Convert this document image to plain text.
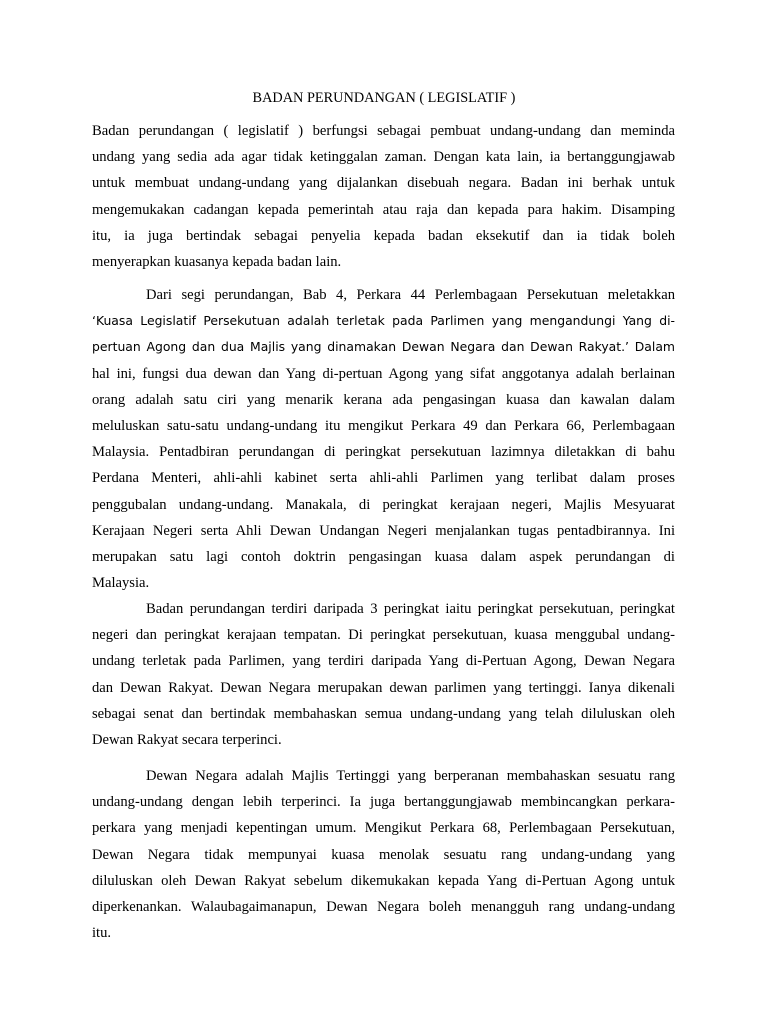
BADAN PERUNDANGAN ( LEGISLATIF )
Badan perundangan ( legislatif ) berfungsi sebagai pembuat undang-undang dan meminda
undang yang sedia ada agar tidak ketinggalan zaman. Dengan kata lain, ia bertanggungjawab
untuk membuat undang-undang yang dijalankan disebuah negara. Badan ini berhak untuk
mengemukakan cadangan kepada pemerintah atau raja dan kepada para hakim. Disamping
itu, ia juga bertindak sebagai penyelia kepada badan eksekutif dan ia tidak boleh
menyerapkan kuasanya kepada badan lain.
Dari segi perundangan, Bab 4, Perkara 44 Perlembagaan Persekutuan meletakkan
‘Kuasa Legislatif Persekutuan adalah terletak pada Parlimen yang mengandungi Yang di-
pertuan Agong dan dua Majlis yang dinamakan Dewan Negara dan Dewan Rakyat.’ Dalam
hal ini, fungsi dua dewan dan Yang di-pertuan Agong yang sifat anggotanya adalah berlainan
orang adalah satu ciri yang menarik kerana ada pengasingan kuasa dan kawalan dalam
meluluskan satu-satu undang-undang itu mengikut Perkara 49 dan Perkara 66, Perlembagaan
Malaysia. Pentadbiran perundangan di peringkat persekutuan lazimnya diletakkan di bahu
Perdana Menteri, ahli-ahli kabinet serta ahli-ahli Parlimen yang terlibat dalam proses
penggubalan undang-undang. Manakala, di peringkat kerajaan negeri, Majlis Mesyuarat
Kerajaan Negeri serta Ahli Dewan Undangan Negeri menjalankan tugas pentadbirannya. Ini
merupakan satu lagi contoh doktrin pengasingan kuasa dalam aspek perundangan di
Malaysia.
Badan perundangan terdiri daripada 3 peringkat iaitu peringkat persekutuan, peringkat
negeri dan peringkat kerajaan tempatan. Di peringkat persekutuan, kuasa menggubal undang-
undang terletak pada Parlimen, yang terdiri daripada Yang di-Pertuan Agong, Dewan Negara
dan Dewan Rakyat. Dewan Negara merupakan dewan parlimen yang tertinggi. Ianya dikenali
sebagai senat dan bertindak membahaskan semua undang-undang yang telah diluluskan oleh
Dewan Rakyat secara terperinci.
Dewan Negara adalah Majlis Tertinggi yang berperanan membahaskan sesuatu rang
undang-undang dengan lebih terperinci. Ia juga bertanggungjawab membincangkan perkara-
perkara yang menjadi kepentingan umum. Mengikut Perkara 68, Perlembagaan Persekutuan,
Dewan Negara tidak mempunyai kuasa menolak sesuatu rang undang-undang yang
diluluskan oleh Dewan Rakyat sebelum dikemukakan kepada Yang di-Pertuan Agong untuk
diperkenankan. Walaubagaimanapun, Dewan Negara boleh menangguh rang undang-undang
itu.
